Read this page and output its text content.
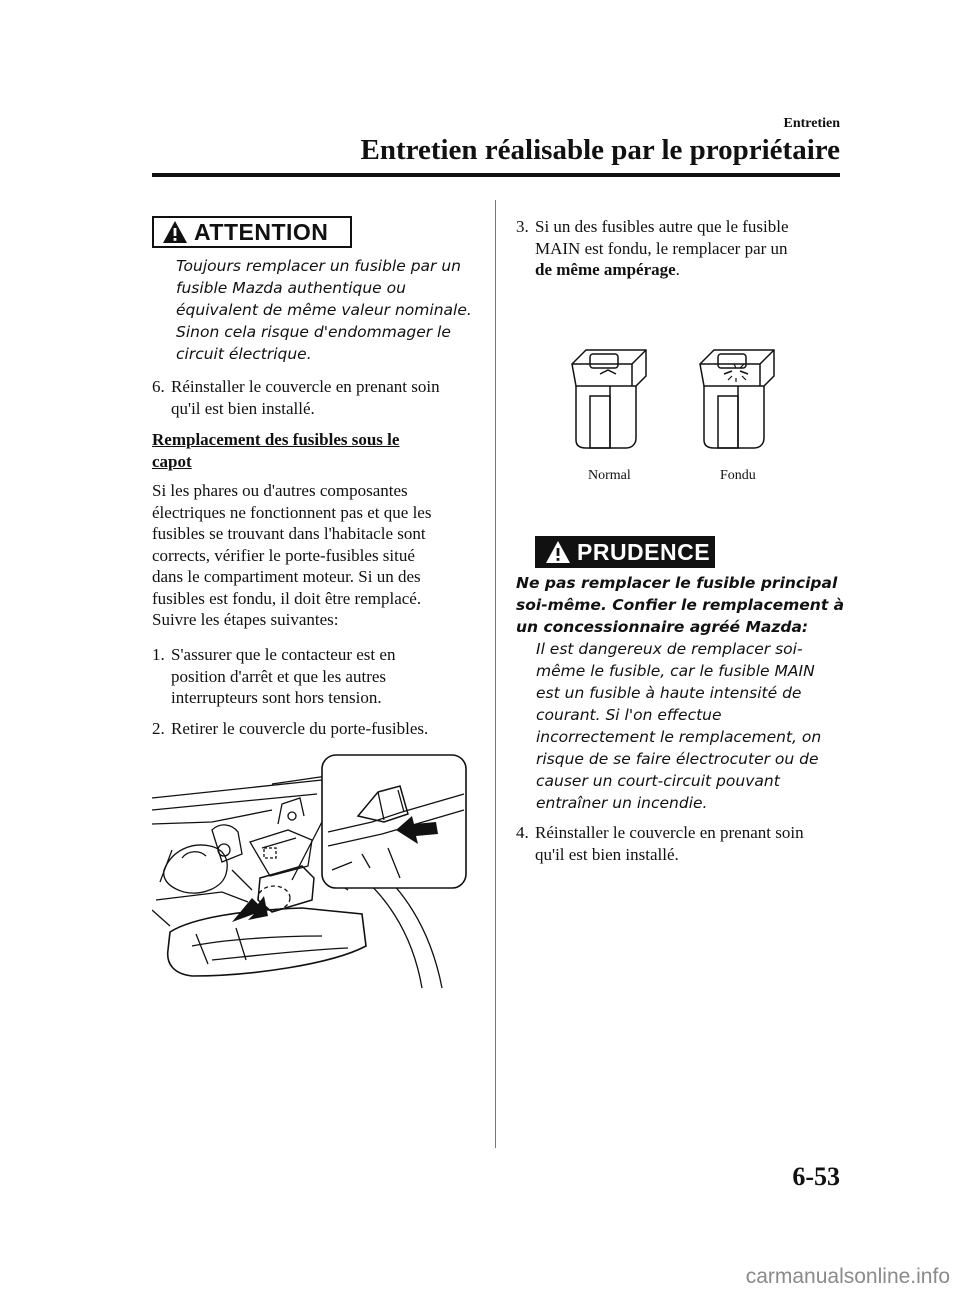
Entretien
Entretien réalisable par le propriétaire
ATTENTION
Toujours remplacer un fusible par un
fusible Mazda authentique ou
équivalent de même valeur nominale.
Sinon cela risque d'endommager le
circuit électrique.
6. Réinstaller le couvercle en prenant soin
qu'il est bien installé.
Remplacement des fusibles sous le
capot
Si les phares ou d'autres composantes
électriques ne fonctionnent pas et que les
fusibles se trouvant dans l'habitacle sont
corrects, vérifier le porte-fusibles situé
dans le compartiment moteur. Si un des
fusibles est fondu, il doit être remplacé.
Suivre les étapes suivantes:
1. S'assurer que le contacteur est en
position d'arrêt et que les autres
interrupteurs sont hors tension.
2. Retirer le couvercle du porte-fusibles.
3. Si un des fusibles autre que le fusible
MAIN est fondu, le remplacer par un
de même ampérage.
Normal	Fondu
PRUDENCE
Ne pas remplacer le fusible principal
soi-même. Confier le remplacement à
un concessionnaire agréé Mazda:
Il est dangereux de remplacer soi-
même le fusible, car le fusible MAIN
est un fusible à haute intensité de
courant. Si l'on effectue
incorrectement le remplacement, on
risque de se faire électrocuter ou de
causer un court-circuit pouvant
entraîner un incendie.
4. Réinstaller le couvercle en prenant soin
qu'il est bien installé.
6-53
carmanualsonline.info
